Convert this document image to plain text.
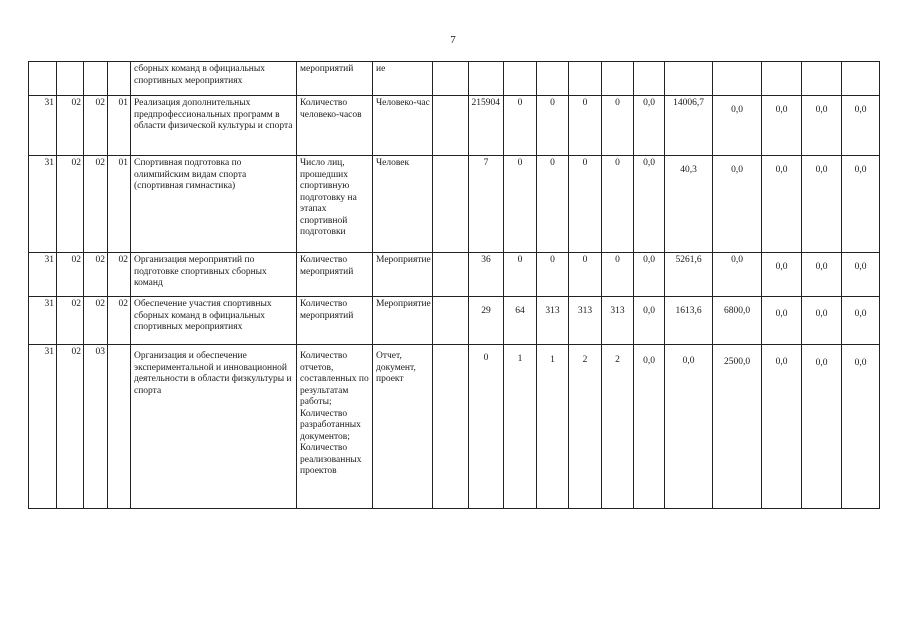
7
				сборных команд в официальных спортивных мероприятиях	мероприятий	ие		

31	02	02	01	Реализация дополнительных предпрофессиональных программ в области физической культуры и спорта	Количество человеко-часов	Человеко-час		215904	0	0	0	0	0,0	14006,7	0,0	0,0	0,0	0,0

31	02	02	01	Спортивная подготовка по олимпийским видам спорта (спортивная гимнастика)	Число лиц, прошедших спортивную подготовку на этапах спортивной подготовки	Человек		7	0	0	0	0	0,0	40,3	0,0	0,0	0,0	0,0

31	02	02	02	Организация мероприятий по подготовке спортивных сборных команд	Количество мероприятий	Мероприятие		36	0	0	0	0	0,0	5261,6	0,0	0,0	0,0	0,0

31	02	02	02	Обеспечение участия спортивных сборных команд в официальных спортивных мероприятиях	Количество мероприятий	Мероприятие		29	64	313	313	313	0,0	1613,6	6800,0	0,0	0,0	0,0

31	02	03		Организация и обеспечение экспериментальной и инновационной деятельности в области физкультуры и спорта	Количество отчетов, составленных по результатам работы; Количество разработанных документов; Количество реализованных проектов	Отчет, документ, проект		0	1	1	2	2	0,0	0,0	2500,0	0,0	0,0	0,0
